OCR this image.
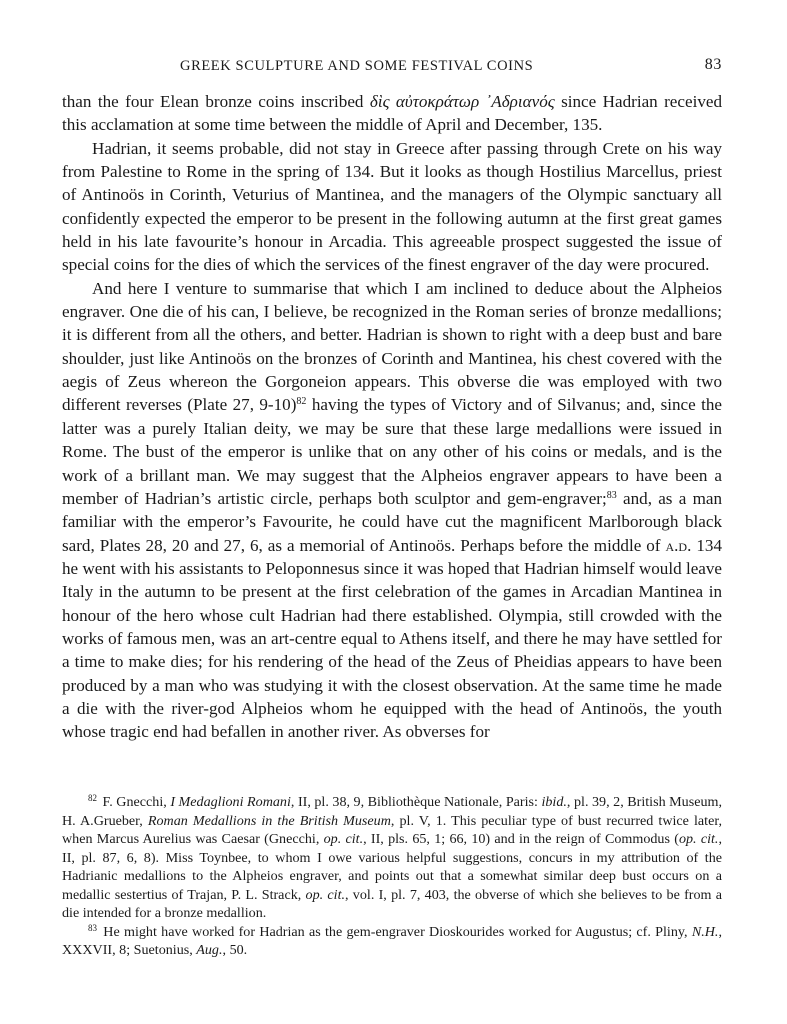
GREEK SCULPTURE AND SOME FESTIVAL COINS	83

than the four Elean bronze coins inscribed δὶς αὐτοκράτωρ ᾿Αδριανός since Hadrian received this acclamation at some time between the middle of April and December, 135.

Hadrian, it seems probable, did not stay in Greece after passing through Crete on his way from Palestine to Rome in the spring of 134. But it looks as though Hostilius Marcellus, priest of Antinoös in Corinth, Veturius of Mantinea, and the managers of the Olympic sanctuary all confidently expected the emperor to be present in the following autumn at the first great games held in his late favourite’s honour in Arcadia. This agreeable prospect suggested the issue of special coins for the dies of which the services of the finest engraver of the day were procured.

And here I venture to summarise that which I am inclined to deduce about the Alpheios engraver. One die of his can, I believe, be recognized in the Roman series of bronze medallions; it is different from all the others, and better. Hadrian is shown to right with a deep bust and bare shoulder, just like Antinoös on the bronzes of Corinth and Mantinea, his chest covered with the aegis of Zeus whereon the Gorgoneion appears. This obverse die was employed with two different reverses (Plate 27, 9-10)$^{82}$ having the types of Victory and of Silvanus; and, since the latter was a purely Italian deity, we may be sure that these large medallions were issued in Rome. The bust of the emperor is unlike that on any other of his coins or medals, and is the work of a brillant man. We may suggest that the Alpheios engraver appears to have been a member of Hadrian’s artistic circle, perhaps both sculptor and gem-engraver;$^{83}$ and, as a man familiar with the emperor’s Favourite, he could have cut the magnificent Marlborough black sard, Plates 28, 20 and 27, 6, as a memorial of Antinoös. Perhaps before the middle of a.d. 134 he went with his assistants to Peloponnesus since it was hoped that Hadrian himself would leave Italy in the autumn to be present at the first celebration of the games in Arcadian Mantinea in honour of the hero whose cult Hadrian had there established. Olympia, still crowded with the works of famous men, was an art-centre equal to Athens itself, and there he may have settled for a time to make dies; for his rendering of the head of the Zeus of Pheidias appears to have been produced by a man who was studying it with the closest observation. At the same time he made a die with the river-god Alpheios whom he equipped with the head of Antinoös, the youth whose tragic end had befallen in another river. As obverses for

$^{82}$ F. Gnecchi, I Medaglioni Romani, II, pl. 38, 9, Bibliothèque Nationale, Paris: ibid., pl. 39, 2, British Museum, H. A.Grueber, Roman Medallions in the British Museum, pl. V, 1. This peculiar type of bust recurred twice later, when Marcus Aurelius was Caesar (Gnecchi, op. cit., II, pls. 65, 1; 66, 10) and in the reign of Commodus (op. cit., II, pl. 87, 6, 8). Miss Toynbee, to whom I owe various helpful suggestions, concurs in my attribution of the Hadrianic medallions to the Alpheios engraver, and points out that a somewhat similar deep bust occurs on a medallic sestertius of Trajan, P. L. Strack, op. cit., vol. I, pl. 7, 403, the obverse of which she believes to be from a die intended for a bronze medallion.

$^{83}$ He might have worked for Hadrian as the gem-engraver Dioskourides worked for Augustus; cf. Pliny, N.H., XXXVII, 8; Suetonius, Aug., 50.
